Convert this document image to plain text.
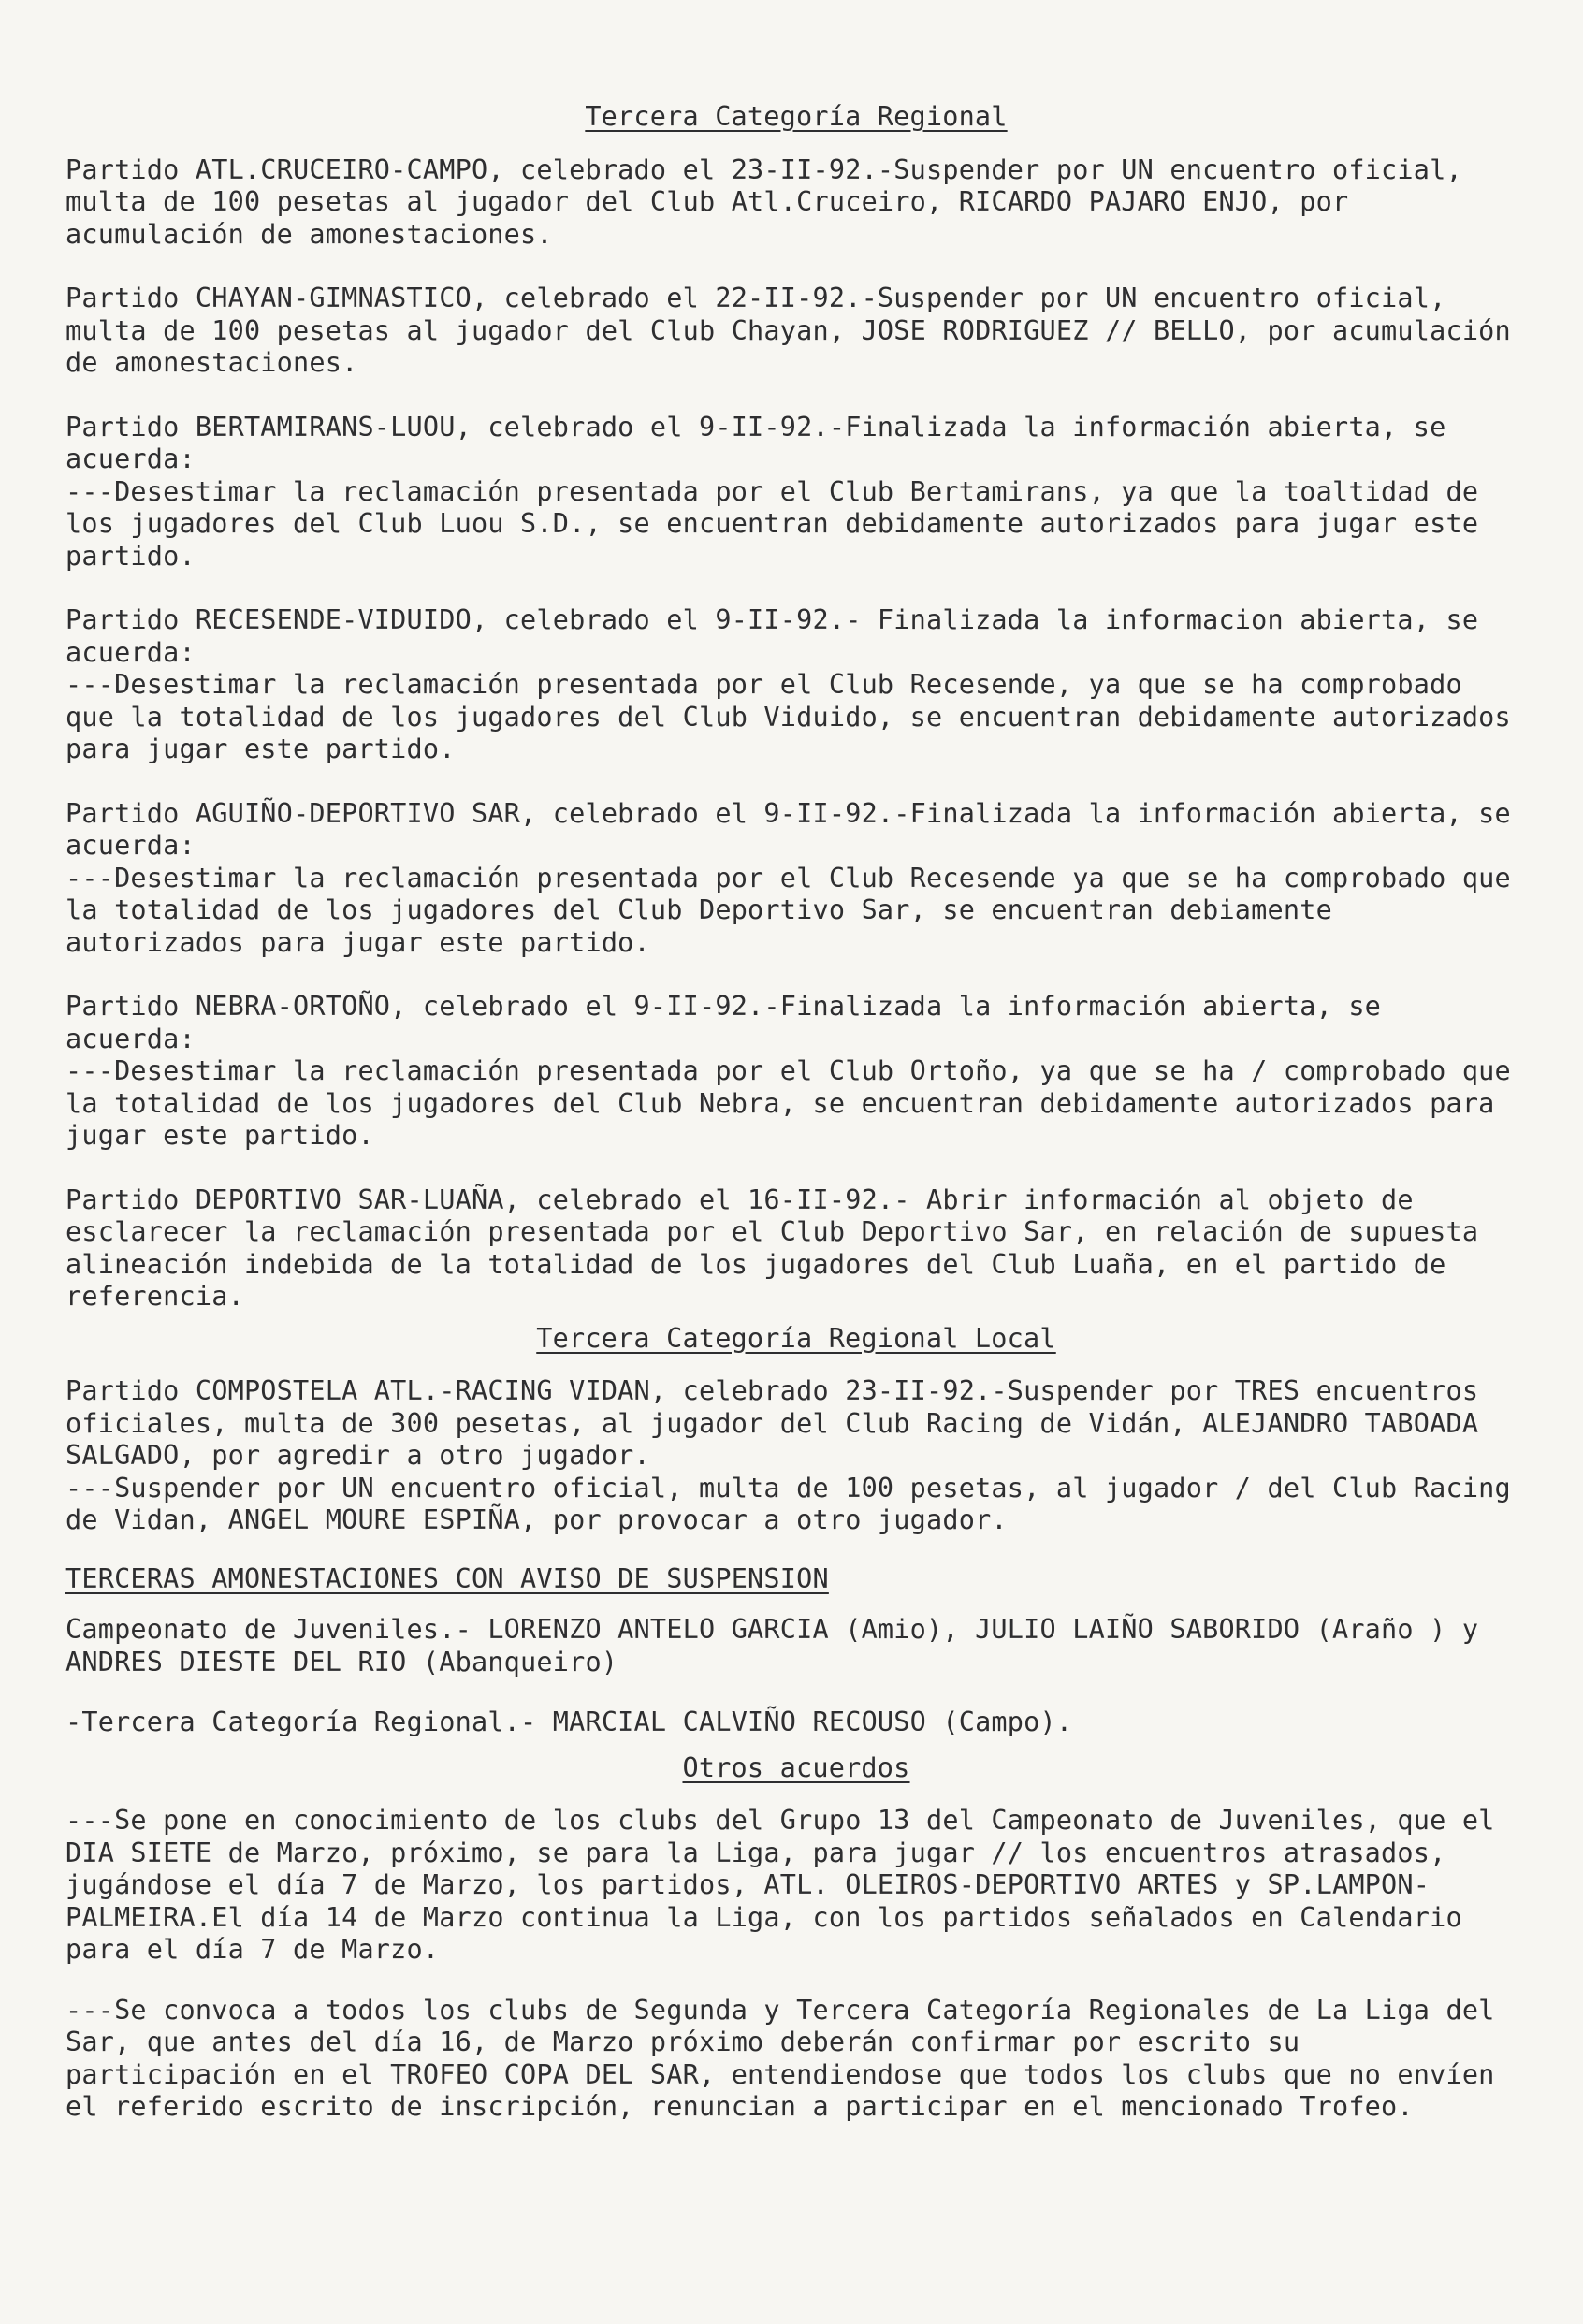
Tercera Categoría Regional
Partido ATL.CRUCEIRO-CAMPO, celebrado el 23-II-92.-Suspender por UN encuentro oficial, multa de 100 pesetas al jugador del Club Atl.Cruceiro, RICARDO PAJARO ENJO, por acumulación de amonestaciones.
Partido CHAYAN-GIMNASTICO, celebrado el 22-II-92.-Suspender por UN encuentro oficial, multa de 100 pesetas al jugador del Club Chayan, JOSE RODRIGUEZ // BELLO, por acumulación de amonestaciones.
Partido BERTAMIRANS-LUOU, celebrado el 9-II-92.-Finalizada la información abierta, se acuerda:
---Desestimar la reclamación presentada por el Club Bertamirans, ya que la toaltidad de los jugadores del Club Luou S.D., se encuentran debidamente autorizados para jugar este partido.
Partido RECESENDE-VIDUIDO, celebrado el 9-II-92.- Finalizada la informacion abierta, se acuerda:
---Desestimar la reclamación presentada por el Club Recesende, ya que se ha comprobado que la totalidad de los jugadores del Club Viduido, se encuentran debidamente autorizados para jugar este partido.
Partido AGUIÑO-DEPORTIVO SAR, celebrado el 9-II-92.-Finalizada la información abierta, se acuerda:
---Desestimar la reclamación presentada por el Club Recesende ya que se ha comprobado que la totalidad de los jugadores del Club Deportivo Sar, se encuentran debiamente autorizados para jugar este partido.
Partido NEBRA-ORTOÑO, celebrado el 9-II-92.-Finalizada la información abierta, se acuerda:
---Desestimar la reclamación presentada por el Club Ortoño, ya que se ha / comprobado que la totalidad de los jugadores del Club Nebra, se encuentran debidamente autorizados para jugar este partido.
Partido DEPORTIVO SAR-LUAÑA, celebrado el 16-II-92.- Abrir información al objeto de esclarecer la reclamación presentada por el Club Deportivo Sar, en relación de supuesta alineación indebida de la totalidad de los jugadores del Club Luaña, en el partido de referencia.
Tercera Categoría Regional Local
Partido COMPOSTELA ATL.-RACING VIDAN, celebrado 23-II-92.-Suspender por TRES encuentros oficiales, multa de 300 pesetas, al jugador del Club Racing de Vidán, ALEJANDRO TABOADA SALGADO, por agredir a otro jugador.
---Suspender por UN encuentro oficial, multa de 100 pesetas, al jugador / del Club Racing de Vidan, ANGEL MOURE ESPIÑA, por provocar a otro jugador.
TERCERAS AMONESTACIONES CON AVISO DE SUSPENSION
Campeonato de Juveniles.- LORENZO ANTELO GARCIA (Amio), JULIO LAIÑO SABORIDO (Araño ) y ANDRES DIESTE DEL RIO (Abanqueiro)
-Tercera Categoría Regional.- MARCIAL CALVIÑO RECOUSO (Campo).
Otros acuerdos
---Se pone en conocimiento de los clubs del Grupo 13 del Campeonato de Juveniles, que el DIA SIETE de Marzo, próximo, se para la Liga, para jugar // los encuentros atrasados, jugándose el día 7 de Marzo, los partidos, ATL. OLEIROS-DEPORTIVO ARTES y SP.LAMPON-PALMEIRA.El día 14 de Marzo continua la Liga, con los partidos señalados en Calendario para el día 7 de Marzo.
---Se convoca a todos los clubs de Segunda y Tercera Categoría Regionales de La Liga del Sar, que antes del día 16, de Marzo próximo deberán confirmar por escrito su participación en el TROFEO COPA DEL SAR, entendiendose que todos los clubs que no envíen el referido escrito de inscripción, renuncian a participar en el mencionado Trofeo.
